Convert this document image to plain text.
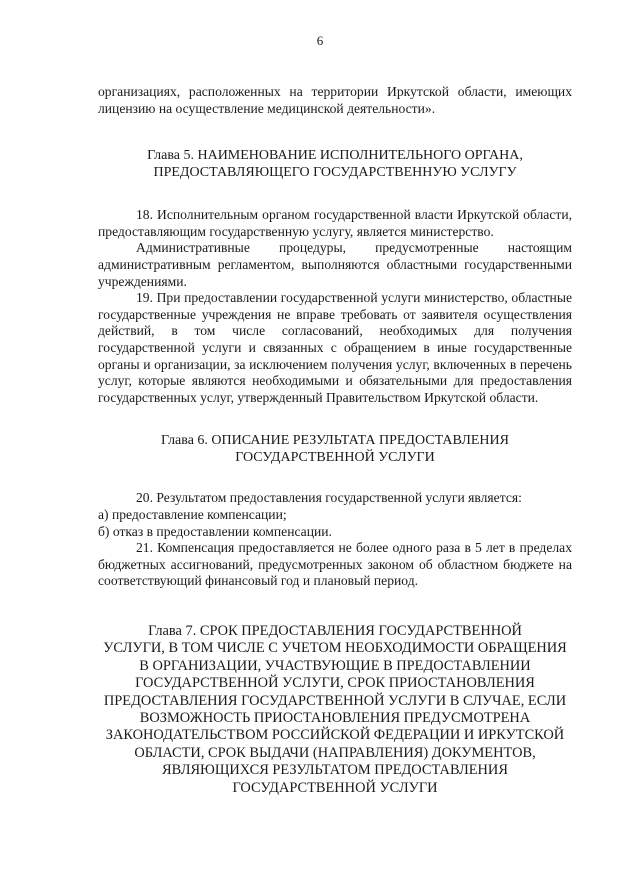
6

организациях, расположенных на территории Иркутской области, имеющих лицензию на осуществление медицинской деятельности».

Глава 5. НАИМЕНОВАНИЕ ИСПОЛНИТЕЛЬНОГО ОРГАНА,

ПРЕДОСТАВЛЯЮЩЕГО ГОСУДАРСТВЕННУЮ УСЛУГУ

18. Исполнительным органом государственной власти Иркутской области, предоставляющим государственную услугу, является министерство.

Административные процедуры, предусмотренные настоящим административным регламентом, выполняются областными государственными учреждениями.

19. При предоставлении государственной услуги министерство, областные государственные учреждения не вправе требовать от заявителя осуществления действий, в том числе согласований, необходимых для получения государственной услуги и связанных с обращением в иные государственные органы и организации, за исключением получения услуг, включенных в перечень услуг, которые являются необходимыми и обязательными для предоставления государственных услуг, утвержденный Правительством Иркутской области.

Глава 6. ОПИСАНИЕ РЕЗУЛЬТАТА ПРЕДОСТАВЛЕНИЯ

ГОСУДАРСТВЕННОЙ УСЛУГИ

20. Результатом предоставления государственной услуги является:

а) предоставление компенсации;

б) отказ в предоставлении компенсации.

21. Компенсация предоставляется не более одного раза в 5 лет в пределах бюджетных ассигнований, предусмотренных законом об областном бюджете на соответствующий финансовый год и плановый период.

Глава 7. СРОК ПРЕДОСТАВЛЕНИЯ ГОСУДАРСТВЕННОЙ

УСЛУГИ, В ТОМ ЧИСЛЕ С УЧЕТОМ НЕОБХОДИМОСТИ ОБРАЩЕНИЯ

В ОРГАНИЗАЦИИ, УЧАСТВУЮЩИЕ В ПРЕДОСТАВЛЕНИИ

ГОСУДАРСТВЕННОЙ УСЛУГИ, СРОК ПРИОСТАНОВЛЕНИЯ

ПРЕДОСТАВЛЕНИЯ ГОСУДАРСТВЕННОЙ УСЛУГИ В СЛУЧАЕ, ЕСЛИ

ВОЗМОЖНОСТЬ ПРИОСТАНОВЛЕНИЯ ПРЕДУСМОТРЕНА

ЗАКОНОДАТЕЛЬСТВОМ РОССИЙСКОЙ ФЕДЕРАЦИИ И ИРКУТСКОЙ

ОБЛАСТИ, СРОК ВЫДАЧИ (НАПРАВЛЕНИЯ) ДОКУМЕНТОВ,

ЯВЛЯЮЩИХСЯ РЕЗУЛЬТАТОМ ПРЕДОСТАВЛЕНИЯ

ГОСУДАРСТВЕННОЙ УСЛУГИ
